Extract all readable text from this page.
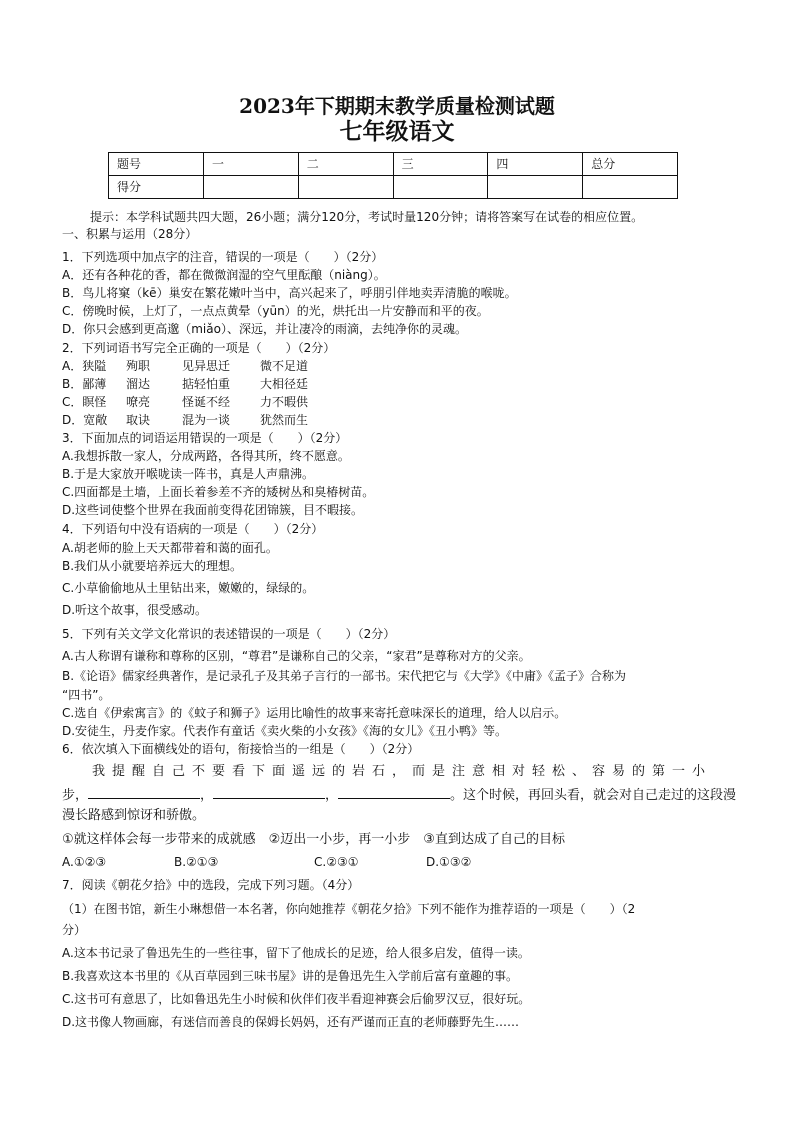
2023年下期期末教学质量检测试题
七年级语文
题号	一	二	三	四	总分
得分					
提示：本学科试题共四大题，26小题；满分120分，考试时量120分钟；请将答案写在试卷的相应位置。
一、积累与运用（28分）
1．下列选项中加点字的注音，错误的一项是（　　）（2分）
A．还有各种花的香，都在微微润湿的空气里酝酿（niàng）。
B．鸟儿将窠（kē）巢安在繁花嫩叶当中，高兴起来了，呼朋引伴地卖弄清脆的喉咙。
C．傍晚时候，上灯了，一点点黄晕（yūn）的光，烘托出一片安静而和平的夜。
D．你只会感到更高邈（miǎo）、深远，并让凄冷的雨滴，去纯净你的灵魂。
2．下列词语书写完全正确的一项是（　　）（2分）
A．狭隘 殉职	见异思迁 微不足道
B．鄙薄 溜达	掂轻怕重 大相径廷
C．瞑怪 嘹亮	怪诞不经 力不暇供
D．宽敞 取诀	混为一谈 犹然而生
3．下面加点的词语运用错误的一项是（　　）（2分）
A.我想拆散一家人，分成两路，各得其所，终不愿意。
B.于是大家放开喉咙读一阵书，真是人声鼎沸。
C.四面都是土墙，上面长着参差不齐的矮树丛和臭椿树苗。
D.这些词使整个世界在我面前变得花团锦簇，目不暇接。
4．下列语句中没有语病的一项是（　　）（2分）
A.胡老师的脸上天天都带着和蔼的面孔。
B.我们从小就要培养远大的理想。
C.小草偷偷地从土里钻出来，嫩嫩的，绿绿的。
D.听这个故事，很受感动。
5．下列有关文学文化常识的表述错误的一项是（　　）（2分）
A.古人称谓有谦称和尊称的区别，“尊君”是谦称自己的父亲，“家君”是尊称对方的父亲。
B.《论语》儒家经典著作，是记录孔子及其弟子言行的一部书。宋代把它与《大学》《中庸》《孟子》合称为
“四书”。
C.选自《伊索寓言》的《蚊子和狮子》运用比喻性的故事来寄托意味深长的道理，给人以启示。
D.安徒生，丹麦作家。代表作有童话《卖火柴的小女孩》《海的女儿》《丑小鸭》等。
6．依次填入下面横线处的语句，衔接恰当的一组是（　　）（2分）
我提醒自己不要看下面遥远的岩石，而是注意相对轻松、容易的第一小
步，	，	，	。这个时候，再回头看，就会对自己走过的这段漫
漫长路感到惊讶和骄傲。
①就这样体会每一步带来的成就感　②迈出一小步，再一小步　③直到达成了自己的目标
A.①②③	B.②①③	C.②③①	D.①③②
7．阅读《朝花夕拾》中的选段，完成下列习题。（4分）
（1）在图书馆，新生小琳想借一本名著，你向她推荐《朝花夕拾》下列不能作为推荐语的一项是（　　）（2
分）
A.这本书记录了鲁迅先生的一些往事，留下了他成长的足迹，给人很多启发，值得一读。
B.我喜欢这本书里的《从百草园到三味书屋》讲的是鲁迅先生入学前后富有童趣的事。
C.这书可有意思了，比如鲁迅先生小时候和伙伴们夜半看迎神赛会后偷罗汉豆，很好玩。
D.这书像人物画廊，有迷信而善良的保姆长妈妈，还有严谨而正直的老师藤野先生……
